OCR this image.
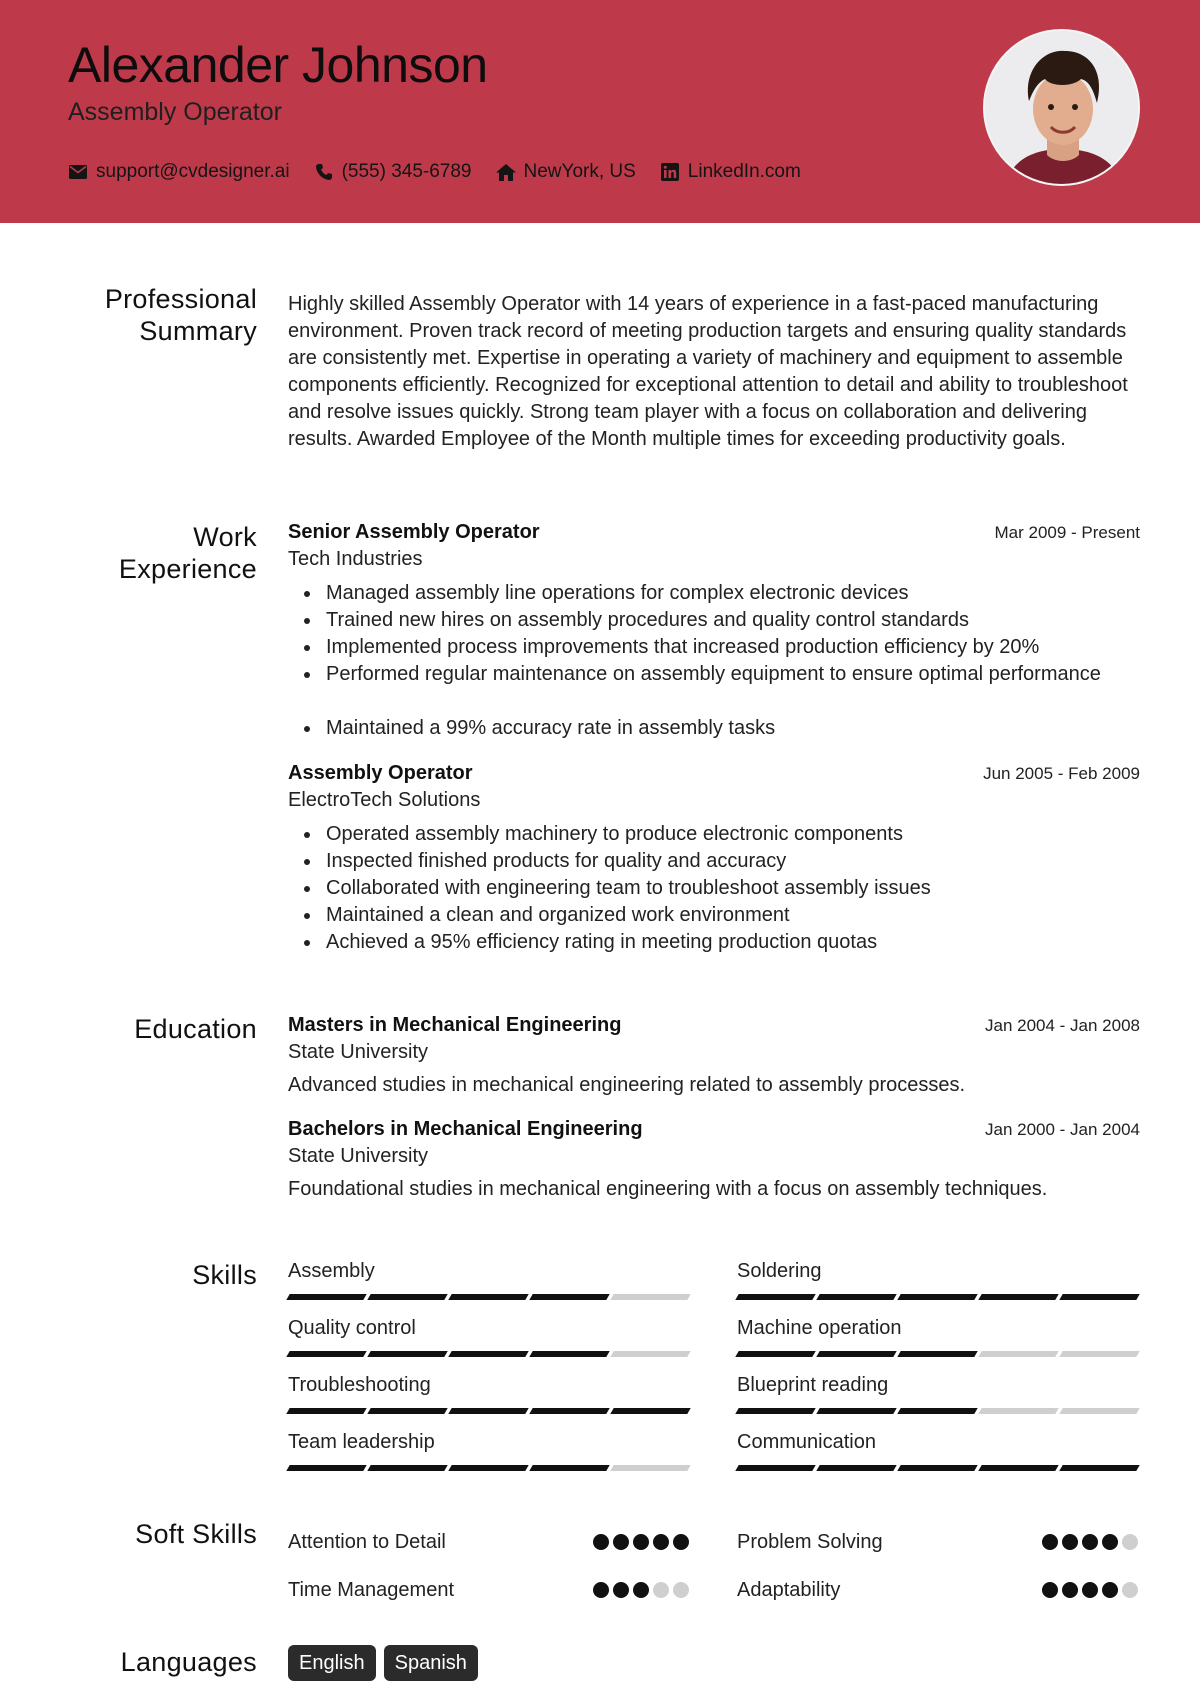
Alexander Johnson
Assembly Operator
support@cvdesigner.ai	(555) 345-6789	NewYork, US	LinkedIn.com
Professional Summary
Highly skilled Assembly Operator with 14 years of experience in a fast-paced manufacturing environment. Proven track record of meeting production targets and ensuring quality standards are consistently met. Expertise in operating a variety of machinery and equipment to assemble components efficiently. Recognized for exceptional attention to detail and ability to troubleshoot and resolve issues quickly. Strong team player with a focus on collaboration and delivering results. Awarded Employee of the Month multiple times for exceeding productivity goals.
Work Experience
Senior Assembly Operator	Mar 2009 - Present
Tech Industries
Managed assembly line operations for complex electronic devices
Trained new hires on assembly procedures and quality control standards
Implemented process improvements that increased production efficiency by 20%
Performed regular maintenance on assembly equipment to ensure optimal performance
Maintained a 99% accuracy rate in assembly tasks
Assembly Operator	Jun 2005 - Feb 2009
ElectroTech Solutions
Operated assembly machinery to produce electronic components
Inspected finished products for quality and accuracy
Collaborated with engineering team to troubleshoot assembly issues
Maintained a clean and organized work environment
Achieved a 95% efficiency rating in meeting production quotas
Education Masters in Mechanical Engineering	Jan 2004 - Jan 2008
State University
Advanced studies in mechanical engineering related to assembly processes.
Bachelors in Mechanical Engineering	Jan 2000 - Jan 2004
State University
Foundational studies in mechanical engineering with a focus on assembly techniques.
Skills Assembly	Soldering
Quality control	Machine operation
Troubleshooting	Blueprint reading
Team leadership	Communication
Soft Skills Attention to Detail	Problem Solving
Time Management	Adaptability
Languages	English	Spanish
